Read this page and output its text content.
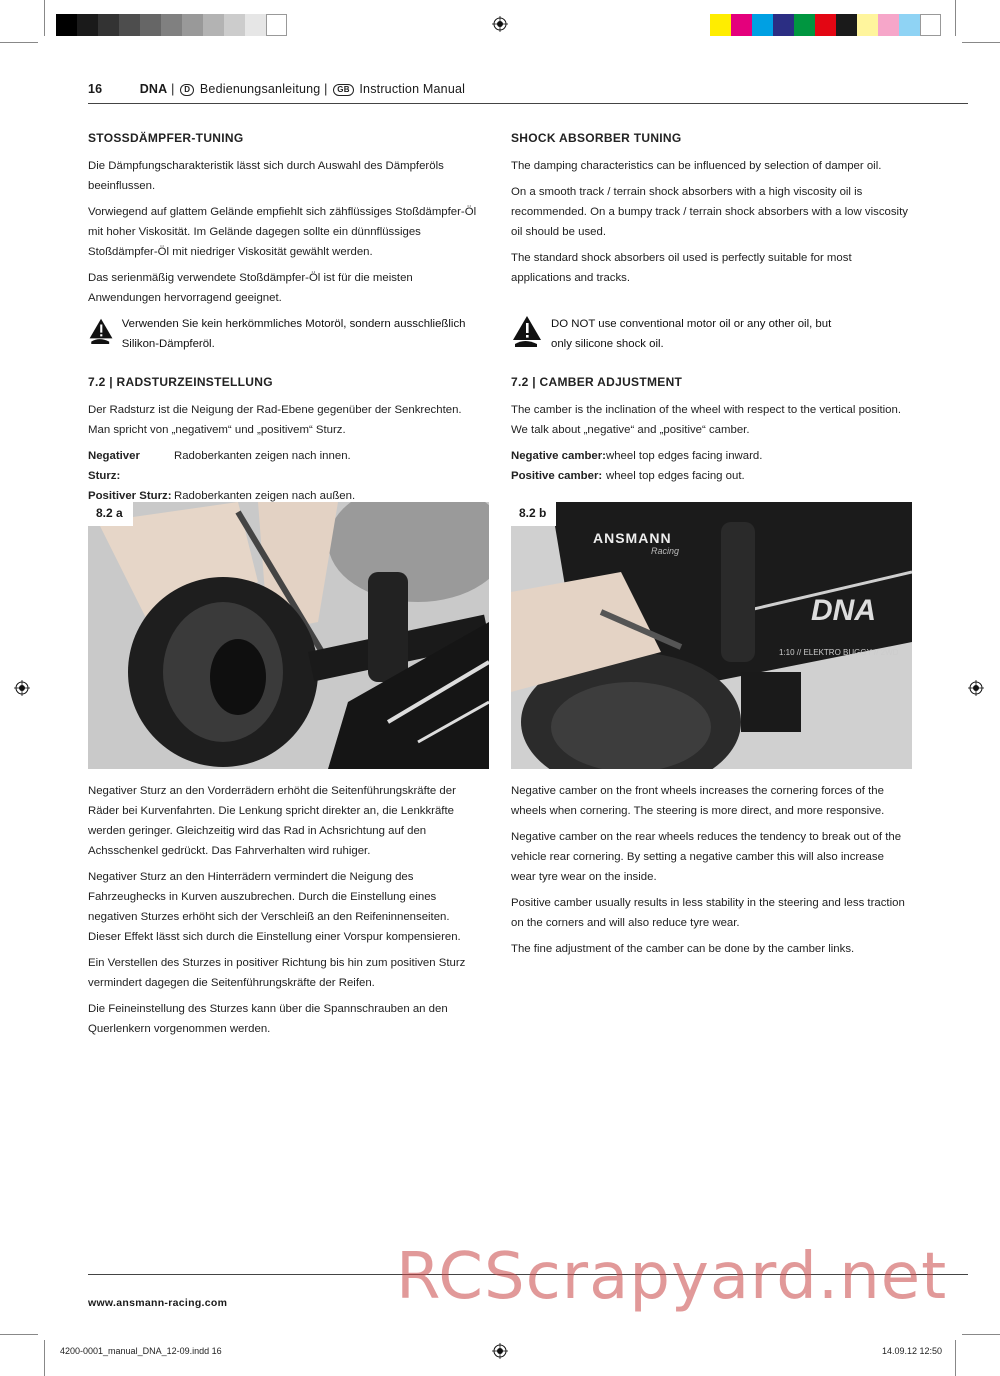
16	DNA | D Bedienungsanleitung | GB Instruction Manual
STOSSDÄMPFER-TUNING

Die Dämpfungscharakteristik lässt sich durch Auswahl des Dämpferöls beeinflussen.

Vorwiegend auf glattem Gelände empfiehlt sich zähflüssiges Stoßdämpfer-Öl mit hoher Viskosität. Im Gelände dagegen sollte ein dünnflüssiges Stoßdämpfer-Öl mit niedriger Viskosität gewählt werden.

Das serienmäßig verwendete Stoßdämpfer-Öl ist für die meisten Anwendungen hervorragend geeignet.

Verwenden Sie kein herkömmliches Motoröl, sondern ausschließlich Silikon-Dämpferöl.
SHOCK ABSORBER TUNING

The damping characteristics can be influenced by selection of damper oil.

On a smooth track / terrain shock absorbers with a high viscosity oil is recommended. On a bumpy track / terrain shock absorbers with a low viscosity oil should be used.

The standard shock absorbers oil used is perfectly suitable for most applications and tracks.

DO NOT use conventional motor oil or any other oil, but only silicone shock oil.
7.2 | RADSTURZEINSTELLUNG

Der Radsturz ist die Neigung der Rad-Ebene gegenüber der Senkrechten. Man spricht von „negativem“ und „positivem“ Sturz.

Negativer Sturz:
Radoberkanten zeigen nach innen.
Positiver Sturz: Radoberkanten zeigen nach außen.
7.2 | CAMBER ADJUSTMENT

The camber is the inclination of the wheel with respect to the vertical position. We talk about „negative“ and „positive“ camber.

Negative camber: wheel top edges facing inward.
Positive camber: wheel top edges facing out.
8.2 a
ANSMANN
Racing
DNA
1:10 // ELEKTRO BUGGY // 2WD
8.2 b

Negativer Sturz an den Vorderrädern erhöht die Seitenführungskräfte der Räder bei Kurvenfahrten. Die Lenkung spricht direkter an, die Lenkkräfte werden geringer. Gleichzeitig wird das Rad in Achsrichtung auf den Achsschenkel gedrückt. Das Fahrverhalten wird ruhiger.

Negativer Sturz an den Hinterrädern vermindert die Neigung des Fahrzeughecks in Kurven auszubrechen. Durch die Einstellung eines negativen Sturzes erhöht sich der Verschleiß an den Reifeninnenseiten. Dieser Effekt lässt sich durch die Einstellung einer Vorspur kompensieren.

Ein Verstellen des Sturzes in positiver Richtung bis hin zum positiven Sturz vermindert dagegen die Seitenführungskräfte der Reifen.

Die Feineinstellung des Sturzes kann über die Spannschrauben an den Querlenkern vorgenommen werden.

Negative camber on the front wheels increases the cornering forces of the wheels when cornering. The steering is more direct, and more responsive.

Negative camber on the rear wheels reduces the tendency to break out of the vehicle rear cornering. By setting a negative camber this will also increase wear tyre wear on the inside.

Positive camber usually results in less stability in the steering and less traction on the corners and will also reduce tyre wear.

The fine adjustment of the camber can be done by the camber links.

www.ansmann-racing.com	RCScrapyard.net
4200-0001_manual_DNA_12-09.indd 16	14.09.12 12:50
